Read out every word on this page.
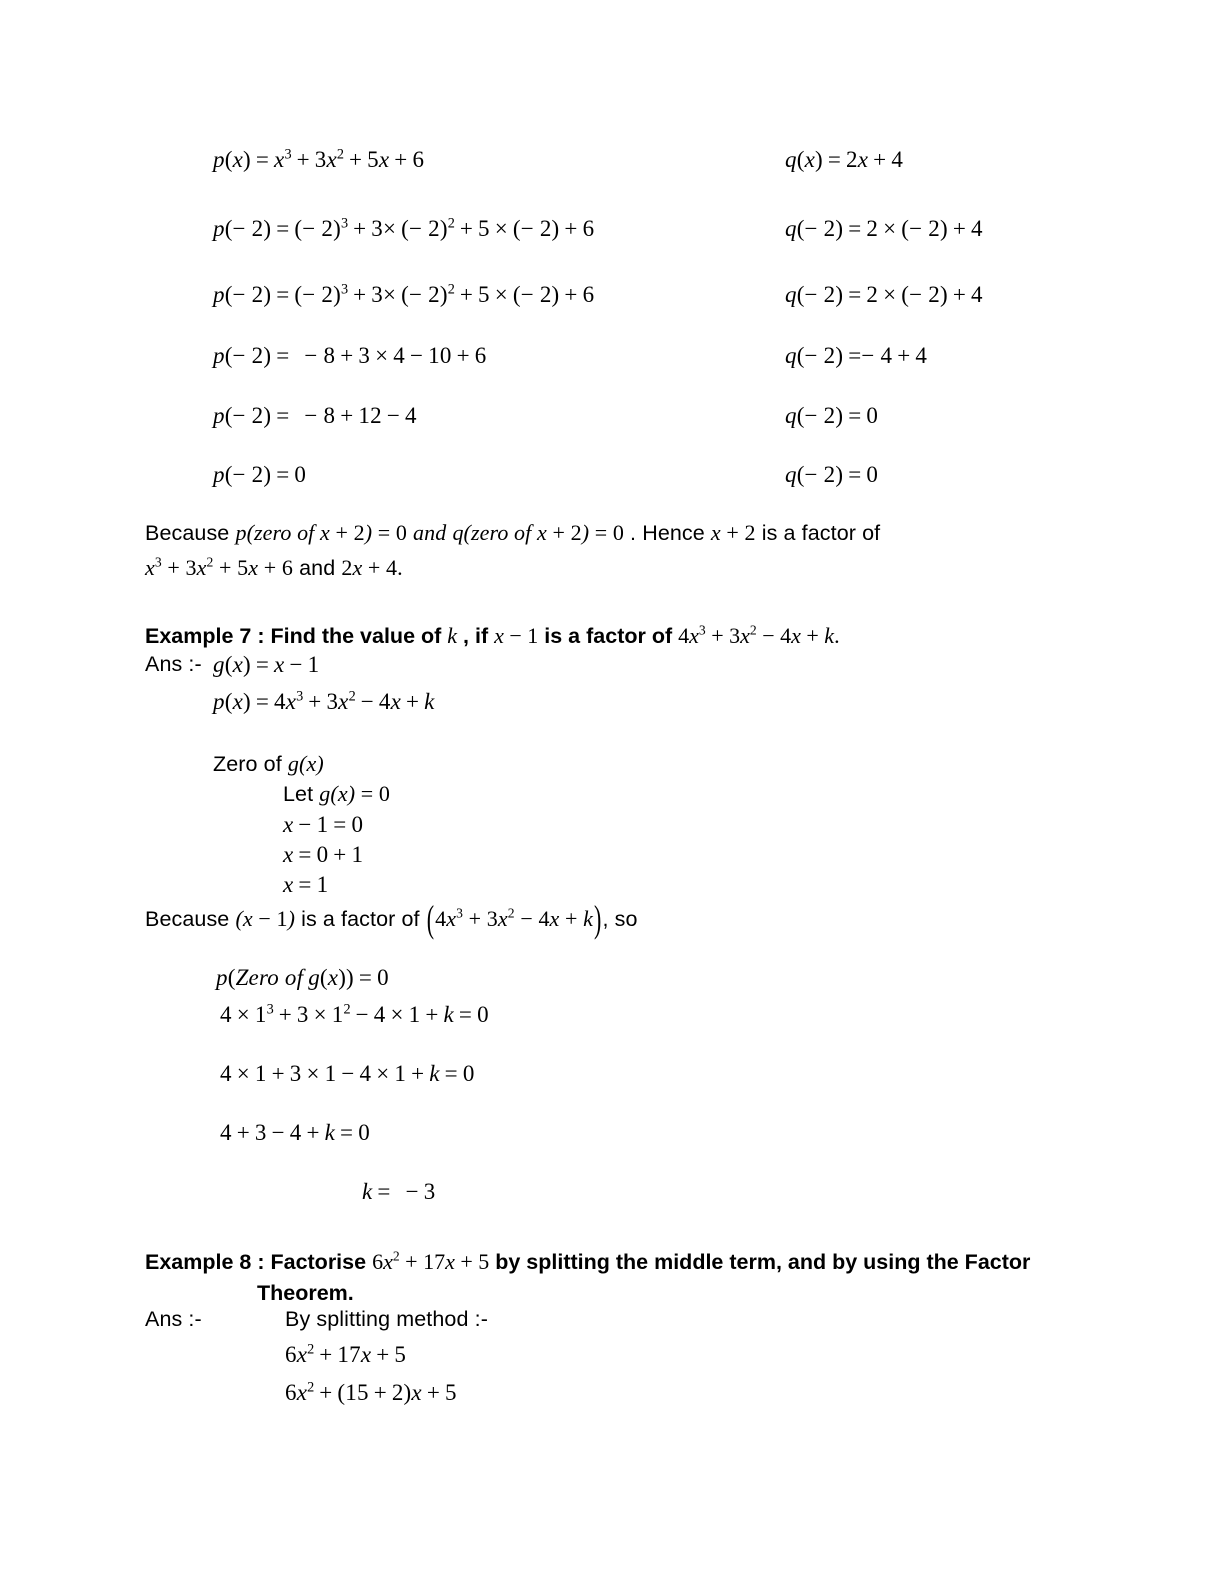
$p(x) = x^3 + 3x^2 + 5x + 6$
p(− 2) = (− 2)$^3$ + 3× (− 2)$^2$ + 5 × (− 2) + 6
p(− 2) = (− 2)$^3$ + 3× (− 2)$^2$ + 5 × (− 2) + 6
p(− 2) = − 8 + 3 × 4 − 10 + 6
p(− 2) = − 8 + 12 − 4
p(− 2) = 0
q(x) = 2x + 4
q(− 2) = 2 × (− 2) + 4
q(− 2) = 2 × (− 2) + 4
q(− 2) =− 4 + 4
q(− 2) = 0
q(− 2) = 0
Because p(zero of x + 2) = 0 and q(zero of x + 2) = 0 . Hence x + 2 is a factor of
$x^3 + 3x^2 + 5x + 6$ and 2x + 4.
Example 7 : Find the value of k , if x − 1 is a factor of $4x^3 + 3x^2 - 4x + k$.
Ans :- g(x) = x − 1
$p(x) = 4x^3 + 3x^2 - 4x + k$
Zero of g(x)
Let g(x) = 0
x − 1 = 0
x = 0 + 1
x = 1
Because (x − 1) is a factor of $(4x^3 + 3x^2 - 4x + k)$, so
p(Zero of g(x)) = 0
$4 \times 1^3 + 3 \times 1^2 - 4 \times 1 + k = 0$
4 × 1 + 3 × 1 − 4 × 1 + k = 0
4 + 3 − 4 + k = 0
k = − 3
Example 8 : Factorise $6x^2 + 17x + 5$ by splitting the middle term, and by using the Factor
Theorem.
Ans :-	By splitting method :-
$6x^2 + 17x + 5$
$6x^2 + (15 + 2)x + 5$
